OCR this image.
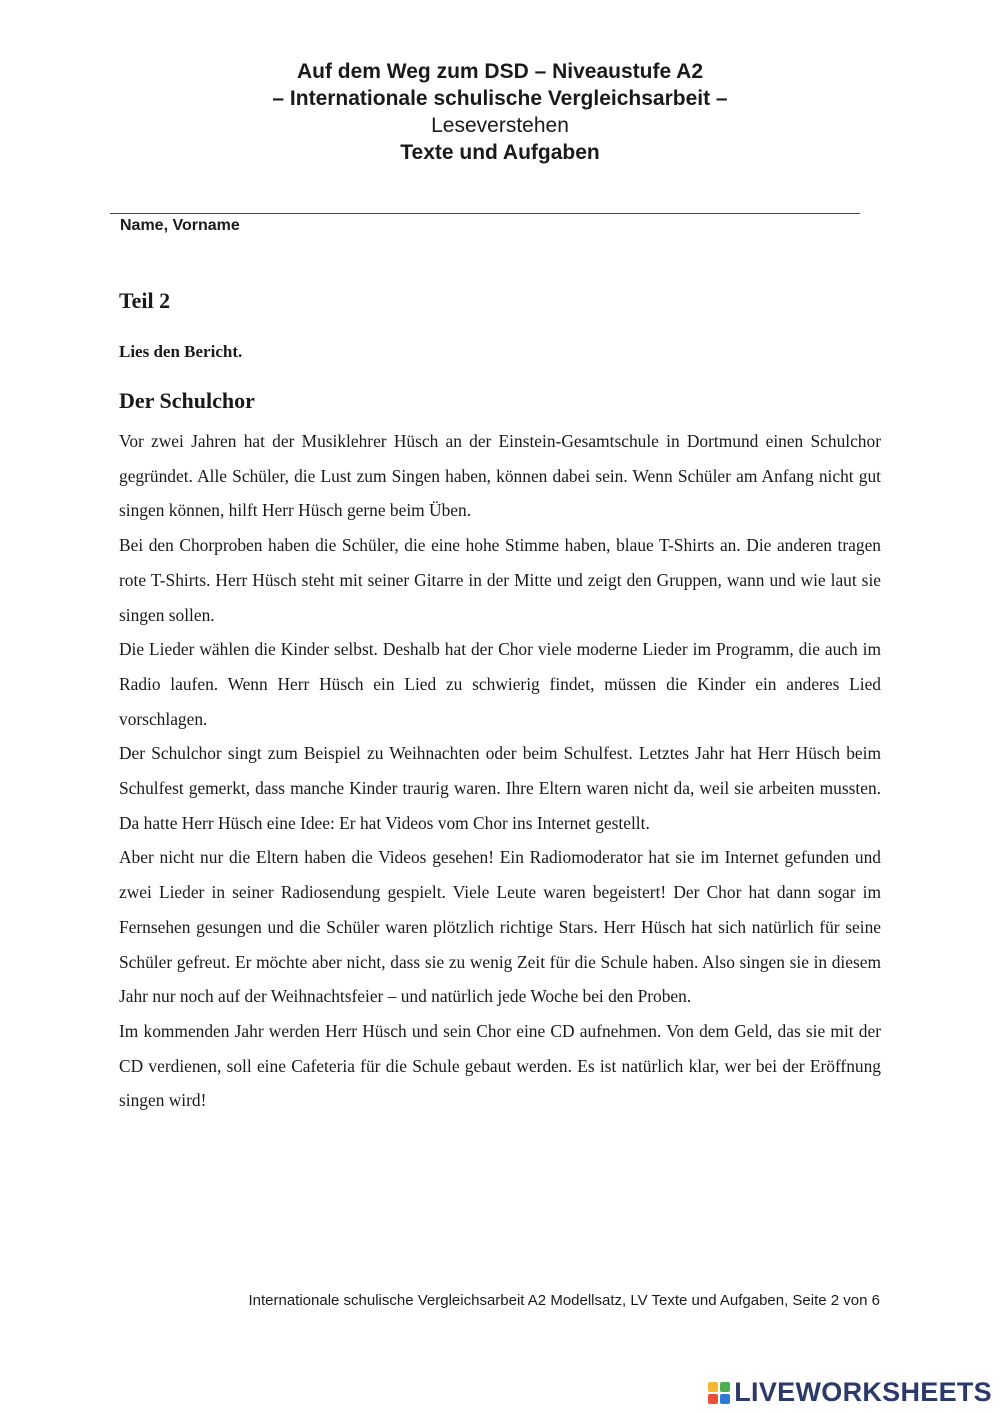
Auf dem Weg zum DSD – Niveaustufe A2
– Internationale schulische Vergleichsarbeit –
Leseverstehen
Texte und Aufgaben
Name, Vorname
Teil 2
Lies den Bericht.
Der Schulchor

Vor zwei Jahren hat der Musiklehrer Hüsch an der Einstein-Gesamtschule in Dortmund einen Schulchor gegründet. Alle Schüler, die Lust zum Singen haben, können dabei sein. Wenn Schüler am Anfang nicht gut singen können, hilft Herr Hüsch gerne beim Üben.

Bei den Chorproben haben die Schüler, die eine hohe Stimme haben, blaue T-Shirts an. Die anderen tragen rote T-Shirts. Herr Hüsch steht mit seiner Gitarre in der Mitte und zeigt den Gruppen, wann und wie laut sie singen sollen.

Die Lieder wählen die Kinder selbst. Deshalb hat der Chor viele moderne Lieder im Programm, die auch im Radio laufen. Wenn Herr Hüsch ein Lied zu schwierig findet, müssen die Kinder ein anderes Lied vorschlagen.

Der Schulchor singt zum Beispiel zu Weihnachten oder beim Schulfest. Letztes Jahr hat Herr Hüsch beim Schulfest gemerkt, dass manche Kinder traurig waren. Ihre Eltern waren nicht da, weil sie arbeiten mussten. Da hatte Herr Hüsch eine Idee: Er hat Videos vom Chor ins Internet gestellt.

Aber nicht nur die Eltern haben die Videos gesehen! Ein Radiomoderator hat sie im Internet gefunden und zwei Lieder in seiner Radiosendung gespielt. Viele Leute waren begeistert! Der Chor hat dann sogar im Fernsehen gesungen und die Schüler waren plötzlich richtige Stars. Herr Hüsch hat sich natürlich für seine Schüler gefreut. Er möchte aber nicht, dass sie zu wenig Zeit für die Schule haben. Also singen sie in diesem Jahr nur noch auf der Weihnachtsfeier – und natürlich jede Woche bei den Proben.

Im kommenden Jahr werden Herr Hüsch und sein Chor eine CD aufnehmen. Von dem Geld, das sie mit der CD verdienen, soll eine Cafeteria für die Schule gebaut werden. Es ist natürlich klar, wer bei der Eröffnung singen wird!

Internationale schulische Vergleichsarbeit A2 Modellsatz, LV Texte und Aufgaben, Seite 2 von 6
LIVEWORKSHEETS
